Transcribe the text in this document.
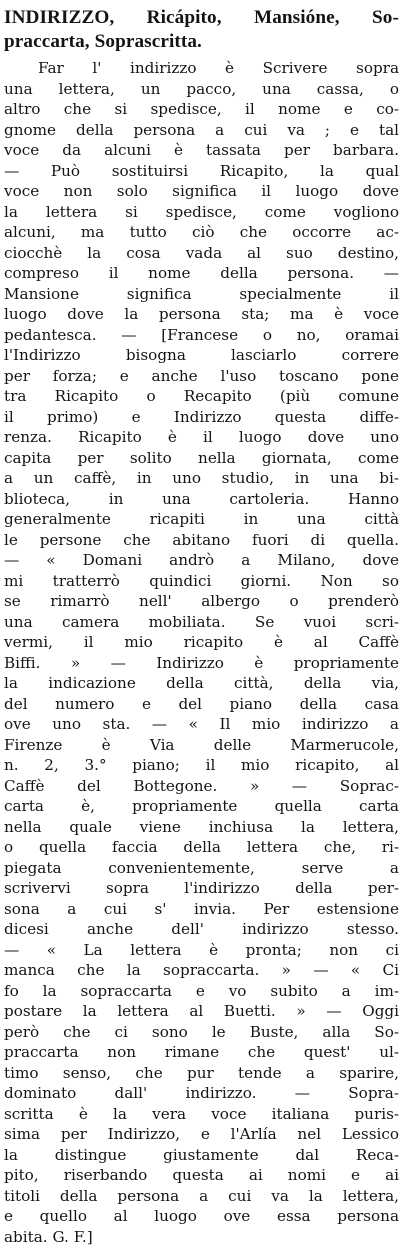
INDIRIZZO, Ricápito, Mansióne, So-
praccarta, Soprascritta.
Far l' indirizzo è Scrivere sopra
una lettera, un pacco, una cassa, o
altro che si spedisce, il nome e co-
gnome della persona a cui va ; e tal
voce da alcuni è tassata per barbara.
— Può sostituirsi Ricapito, la qual
voce non solo significa il luogo dove
la lettera si spedisce, come vogliono
alcuni, ma tutto ciò che occorre ac-
ciocchè la cosa vada al suo destino,
compreso il nome della persona. —
Mansione significa specialmente il
luogo dove la persona sta; ma è voce
pedantesca. — [Francese o no, oramai
l'Indirizzo bisogna lasciarlo correre
per forza; e anche l'uso toscano pone
tra Ricapito o Recapito (più comune
il primo) e Indirizzo questa diffe-
renza. Ricapito è il luogo dove uno
capita per solito nella giornata, come
a un caffè, in uno studio, in una bi-
blioteca, in una cartoleria. Hanno
generalmente ricapiti in una città
le persone che abitano fuori di quella.
— « Domani andrò a Milano, dove
mi tratterrò quindici giorni. Non so
se rimarrò nell' albergo o prenderò
una camera mobiliata. Se vuoi scri-
vermi, il mio ricapito è al Caffè
Biffi. » — Indirizzo è propriamente
la indicazione della città, della via,
del numero e del piano della casa
ove uno sta. — « Il mio indirizzo a
Firenze è Via delle Marmerucole,
n. 2, 3.° piano; il mio ricapito, al
Caffè del Bottegone. » — Soprac-
carta è, propriamente quella carta
nella quale viene inchiusa la lettera,
o quella faccia della lettera che, ri-
piegata convenientemente, serve a
scrivervi sopra l'indirizzo della per-
sona a cui s' invia. Per estensione
dicesi anche dell' indirizzo stesso.
— « La lettera è pronta; non ci
manca che la sopraccarta. » — « Ci
fo la sopraccarta e vo subito a im-
postare la lettera al Buetti. » — Oggi
però che ci sono le Buste, alla So-
praccarta non rimane che quest' ul-
timo senso, che pur tende a sparire,
dominato dall' indirizzo. — Sopra-
scritta è la vera voce italiana puris-
sima per Indirizzo, e l'Arlía nel Lessico
la distingue giustamente dal Reca-
pito, riserbando questa ai nomi e ai
titoli della persona a cui va la lettera,
e quello al luogo ove essa persona
abita. G. F.]
